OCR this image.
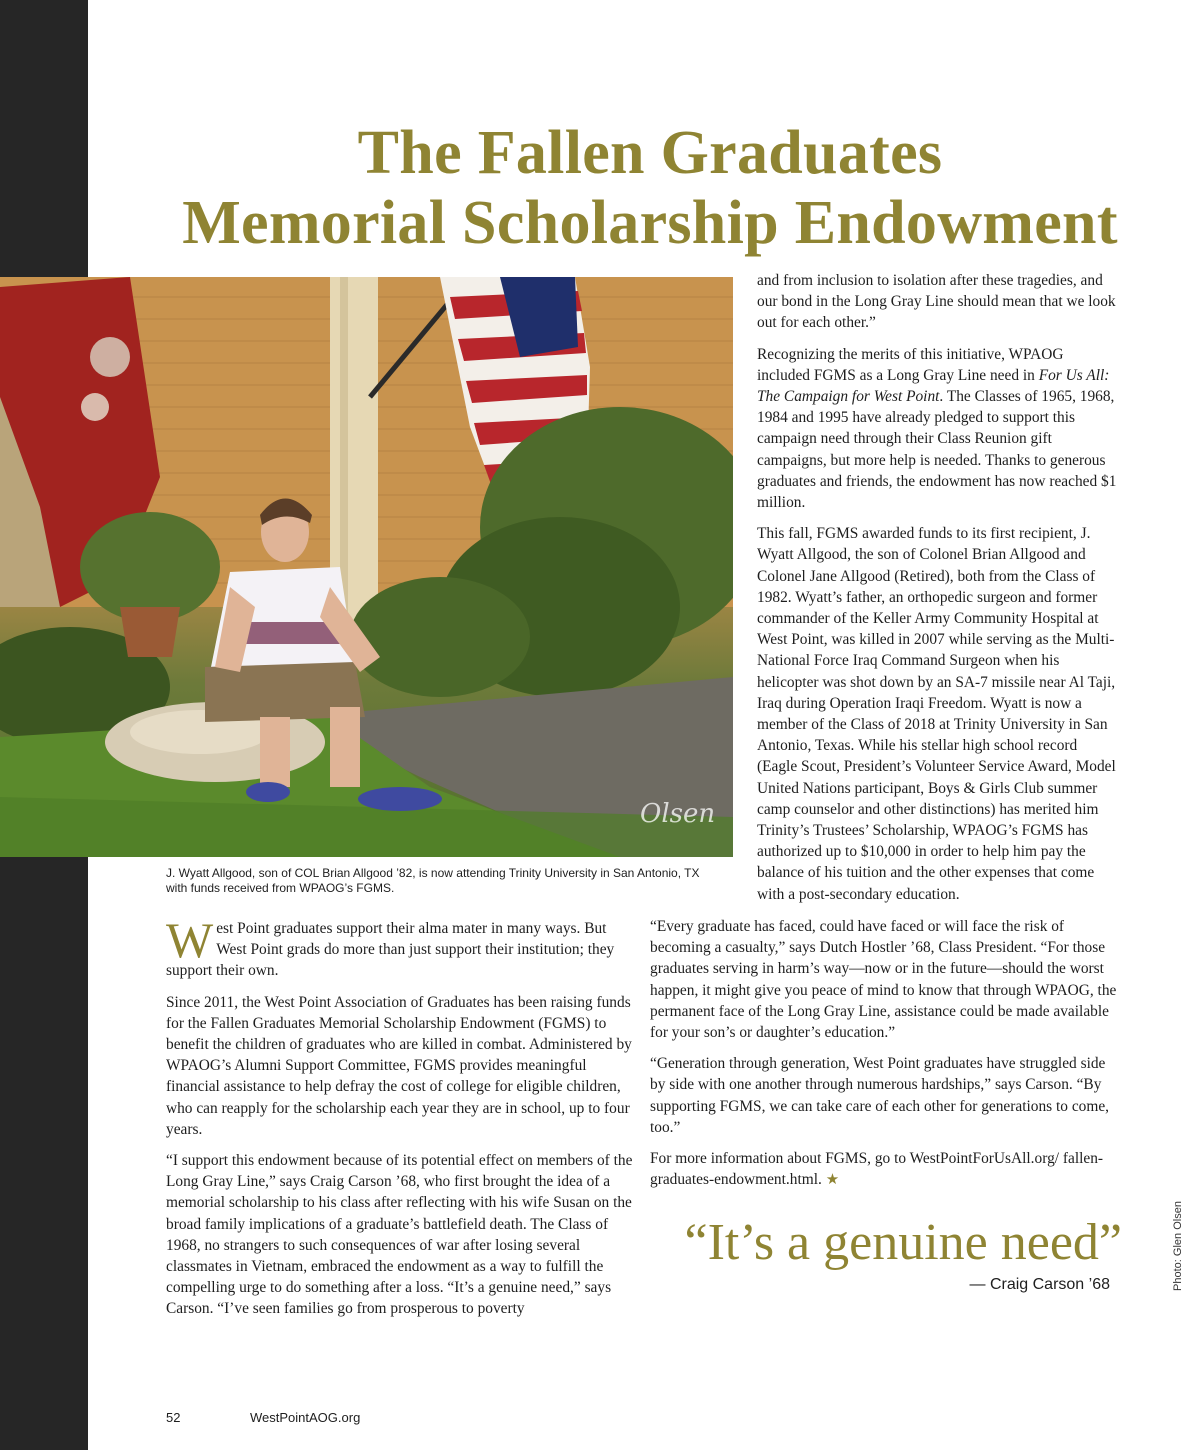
The Fallen Graduates
Memorial Scholarship Endowment
Olsen

J. Wyatt Allgood, son of COL Brian Allgood ’82, is now attending Trinity University in San Antonio, TX

with funds received from WPAOG’s FGMS.

and from inclusion to isolation after these tragedies, and our bond in the Long Gray Line should mean that we look out for each other.”

Recognizing the merits of this initiative, WPAOG included FGMS as a Long Gray Line need in For Us All: The Campaign for West Point. The Classes of 1965, 1968, 1984 and 1995 have already pledged to support this campaign need through their Class Reunion gift campaigns, but more help is needed. Thanks to generous graduates and friends, the endowment has now reached $1 million.

This fall, FGMS awarded funds to its first recipient, J. Wyatt Allgood, the son of Colonel Brian Allgood and Colonel Jane Allgood (Retired), both from the Class of 1982. Wyatt’s father, an orthopedic surgeon and former commander of the Keller Army Community Hospital at West Point, was killed in 2007 while serving as the Multi-National Force Iraq Command Surgeon when his helicopter was shot down by an SA-7 missile near Al Taji, Iraq during Operation Iraqi Freedom. Wyatt is now a member of the Class of 2018 at Trinity University in San Antonio, Texas. While his stellar high school record (Eagle Scout, President’s Volunteer Service Award, Model United Nations participant, Boys & Girls Club summer camp counselor and other distinctions) has merited him Trinity’s Trustees’ Scholarship, WPAOG’s FGMS has authorized up to $10,000 in order to help him pay the balance of his tuition and the other expenses that come with a post-secondary education.

West Point graduates support their alma mater in many ways. But West Point grads do more than just support their institution; they support their own.

Since 2011, the West Point Association of Graduates has been raising funds for the Fallen Graduates Memorial Scholarship Endowment (FGMS) to benefit the children of graduates who are killed in combat. Administered by WPAOG’s Alumni Support Committee, FGMS provides meaningful financial assistance to help defray the cost of college for eligible children, who can reapply for the scholarship each year they are in school, up to four years.

“I support this endowment because of its potential effect on members of the Long Gray Line,” says Craig Carson ’68, who first brought the idea of a memorial scholarship to his class after reflecting with his wife Susan on the broad family implications of a graduate’s battlefield death. The Class of 1968, no strangers to such consequences of war after losing several classmates in Vietnam, embraced the endowment as a way to fulfill the compelling urge to do something after a loss. “It’s a genuine need,” says Carson. “I’ve seen families go from prosperous to poverty

“Every graduate has faced, could have faced or will face the risk of becoming a casualty,” says Dutch Hostler ’68, Class President. “For those graduates serving in harm’s way—now or in the future—should the worst happen, it might give you peace of mind to know that through WPAOG, the permanent face of the Long Gray Line, assistance could be made available for your son’s or daughter’s education.”

“Generation through generation, West Point graduates have struggled side by side with one another through numerous hardships,” says Carson. “By supporting FGMS, we can take care of each other for generations to come, too.”

For more information about FGMS, go to WestPointForUsAll.org/ fallen-graduates-endowment.html. ★

“It’s a genuine need”
— Craig Carson ’68	Photo: Glen Olsen
52	WestPointAOG.org
